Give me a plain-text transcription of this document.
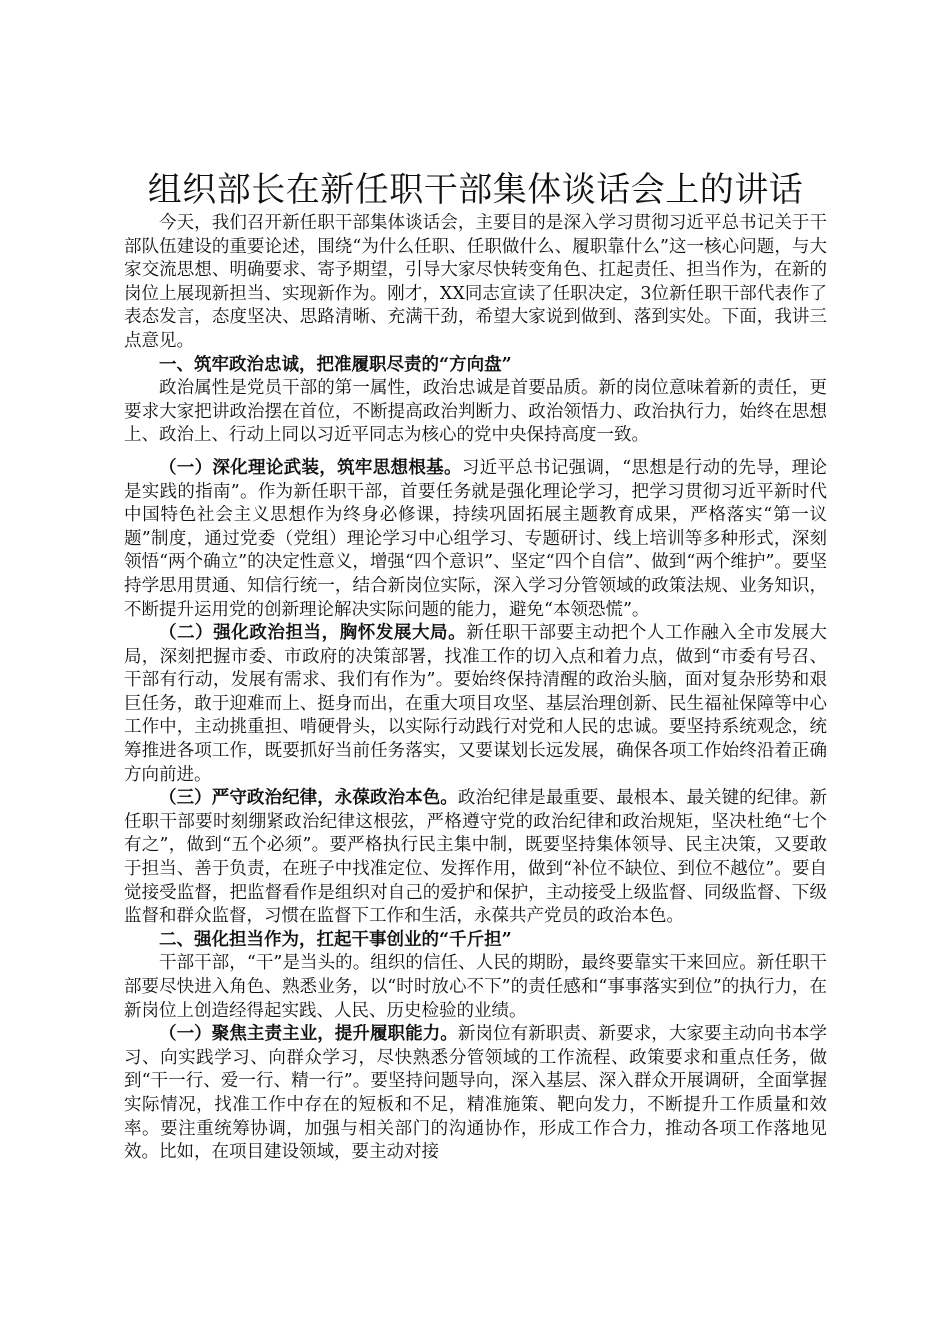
组织部长在新任职干部集体谈话会上的讲话

今天，我们召开新任职干部集体谈话会，主要目的是深入学习贯彻习近平总书记关于干部队伍建设的重要论述，围绕“为什么任职、任职做什么、履职靠什么”这一核心问题，与大家交流思想、明确要求、寄予期望，引导大家尽快转变角色、扛起责任、担当作为，在新的岗位上展现新担当、实现新作为。刚才，XX同志宣读了任职决定，3位新任职干部代表作了表态发言，态度坚决、思路清晰、充满干劲，希望大家说到做到、落到实处。下面，我讲三点意见。

一、筑牢政治忠诚，把准履职尽责的“方向盘”

政治属性是党员干部的第一属性，政治忠诚是首要品质。新的岗位意味着新的责任，更要求大家把讲政治摆在首位，不断提高政治判断力、政治领悟力、政治执行力，始终在思想上、政治上、行动上同以习近平同志为核心的党中央保持高度一致。

（一）深化理论武装，筑牢思想根基。习近平总书记强调，“思想是行动的先导，理论是实践的指南”。作为新任职干部，首要任务就是强化理论学习，把学习贯彻习近平新时代中国特色社会主义思想作为终身必修课，持续巩固拓展主题教育成果，严格落实“第一议题”制度，通过党委（党组）理论学习中心组学习、专题研讨、线上培训等多种形式，深刻领悟“两个确立”的决定性意义，增强“四个意识”、坚定“四个自信”、做到“两个维护”。要坚持学思用贯通、知信行统一，结合新岗位实际，深入学习分管领域的政策法规、业务知识，不断提升运用党的创新理论解决实际问题的能力，避免“本领恐慌”。

（二）强化政治担当，胸怀发展大局。新任职干部要主动把个人工作融入全市发展大局，深刻把握市委、市政府的决策部署，找准工作的切入点和着力点，做到“市委有号召、干部有行动，发展有需求、我们有作为”。要始终保持清醒的政治头脑，面对复杂形势和艰巨任务，敢于迎难而上、挺身而出，在重大项目攻坚、基层治理创新、民生福祉保障等中心工作中，主动挑重担、啃硬骨头，以实际行动践行对党和人民的忠诚。要坚持系统观念，统筹推进各项工作，既要抓好当前任务落实，又要谋划长远发展，确保各项工作始终沿着正确方向前进。

（三）严守政治纪律，永葆政治本色。政治纪律是最重要、最根本、最关键的纪律。新任职干部要时刻绷紧政治纪律这根弦，严格遵守党的政治纪律和政治规矩，坚决杜绝“七个有之”，做到“五个必须”。要严格执行民主集中制，既要坚持集体领导、民主决策，又要敢于担当、善于负责，在班子中找准定位、发挥作用，做到“补位不缺位、到位不越位”。要自觉接受监督，把监督看作是组织对自己的爱护和保护，主动接受上级监督、同级监督、下级监督和群众监督，习惯在监督下工作和生活，永葆共产党员的政治本色。

二、强化担当作为，扛起干事创业的“千斤担”

干部干部，“干”是当头的。组织的信任、人民的期盼，最终要靠实干来回应。新任职干部要尽快进入角色、熟悉业务，以“时时放心不下”的责任感和“事事落实到位”的执行力，在新岗位上创造经得起实践、人民、历史检验的业绩。

（一）聚焦主责主业，提升履职能力。新岗位有新职责、新要求，大家要主动向书本学习、向实践学习、向群众学习，尽快熟悉分管领域的工作流程、政策要求和重点任务，做到“干一行、爱一行、精一行”。要坚持问题导向，深入基层、深入群众开展调研，全面掌握实际情况，找准工作中存在的短板和不足，精准施策、靶向发力，不断提升工作质量和效率。要注重统筹协调，加强与相关部门的沟通协作，形成工作合力，推动各项工作落地见效。比如，在项目建设领域，要主动对接
